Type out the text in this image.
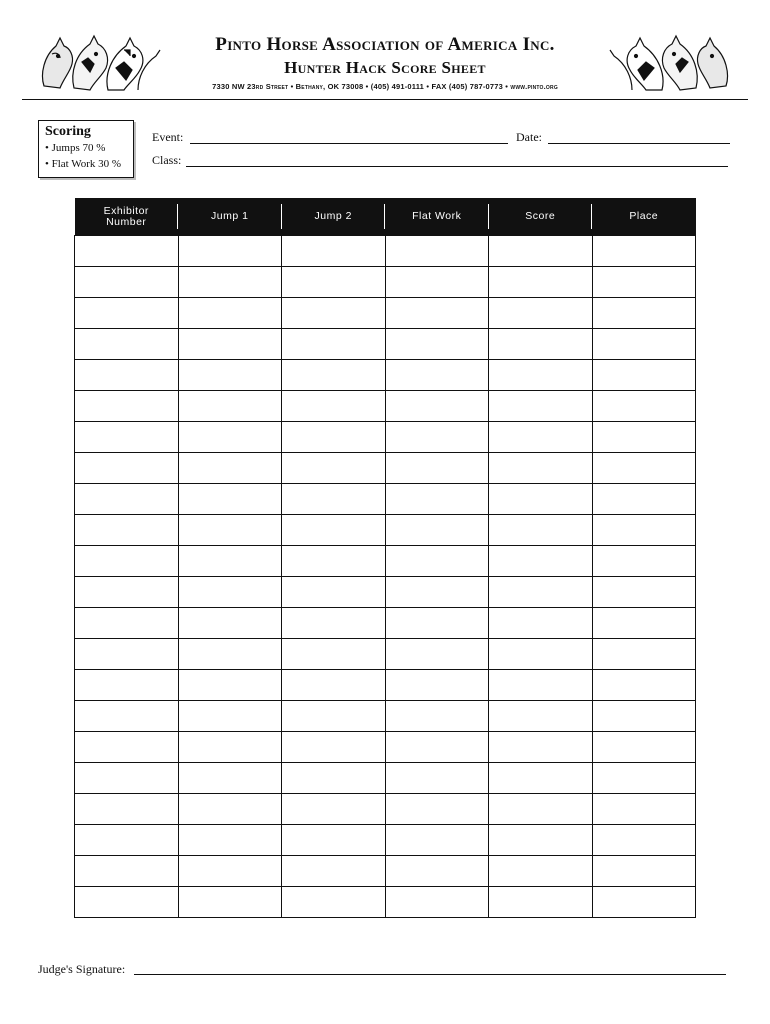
Pinto Horse Association of America Inc.
Hunter Hack Score Sheet
7330 NW 23rd Street • Bethany, OK 73008 • (405) 491-0111 • FAX (405) 787-0773 • www.pinto.org
Scoring
• Jumps 70 %
• Flat Work 30 %
Event:	Date:
Class:
Exhibitor Number	Jump 1	Jump 2	Flat Work	Score	Place

Judge's Signature:
